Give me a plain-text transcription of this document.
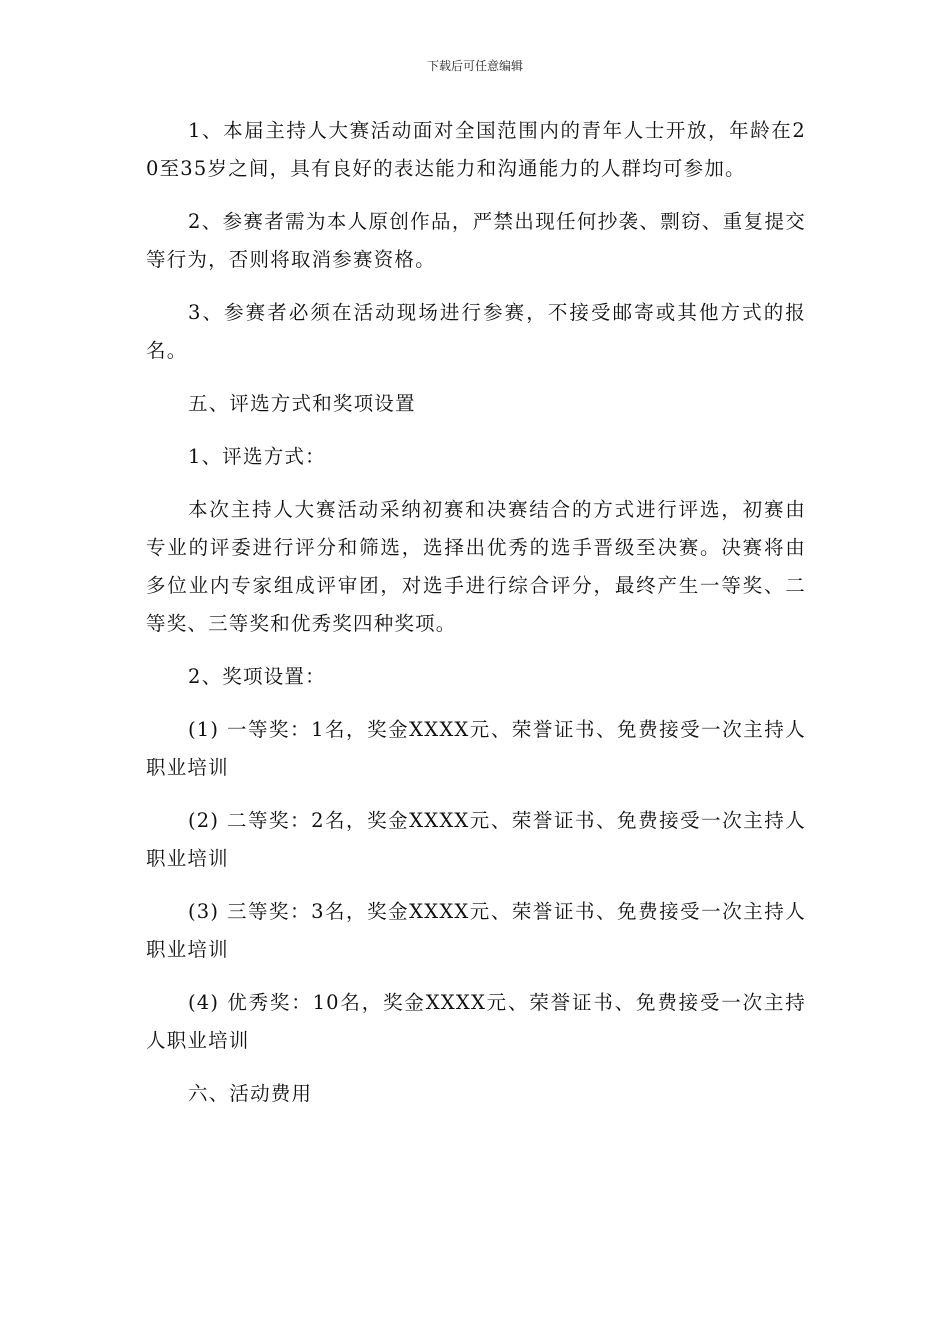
下载后可任意编辑

1、本届主持人大赛活动面对全国范围内的青年人士开放，年龄在20至35岁之间，具有良好的表达能力和沟通能力的人群均可参加。

2、参赛者需为本人原创作品，严禁出现任何抄袭、剽窃、重复提交等行为，否则将取消参赛资格。

3、参赛者必须在活动现场进行参赛，不接受邮寄或其他方式的报名。

五、评选方式和奖项设置

1、评选方式：

本次主持人大赛活动采纳初赛和决赛结合的方式进行评选，初赛由专业的评委进行评分和筛选，选择出优秀的选手晋级至决赛。决赛将由多位业内专家组成评审团，对选手进行综合评分，最终产生一等奖、二等奖、三等奖和优秀奖四种奖项。

2、奖项设置：

(1) 一等奖：1名，奖金XXXX元、荣誉证书、免费接受一次主持人职业培训

(2) 二等奖：2名，奖金XXXX元、荣誉证书、免费接受一次主持人职业培训

(3) 三等奖：3名，奖金XXXX元、荣誉证书、免费接受一次主持人职业培训

(4) 优秀奖：10名，奖金XXXX元、荣誉证书、免费接受一次主持人职业培训

六、活动费用
